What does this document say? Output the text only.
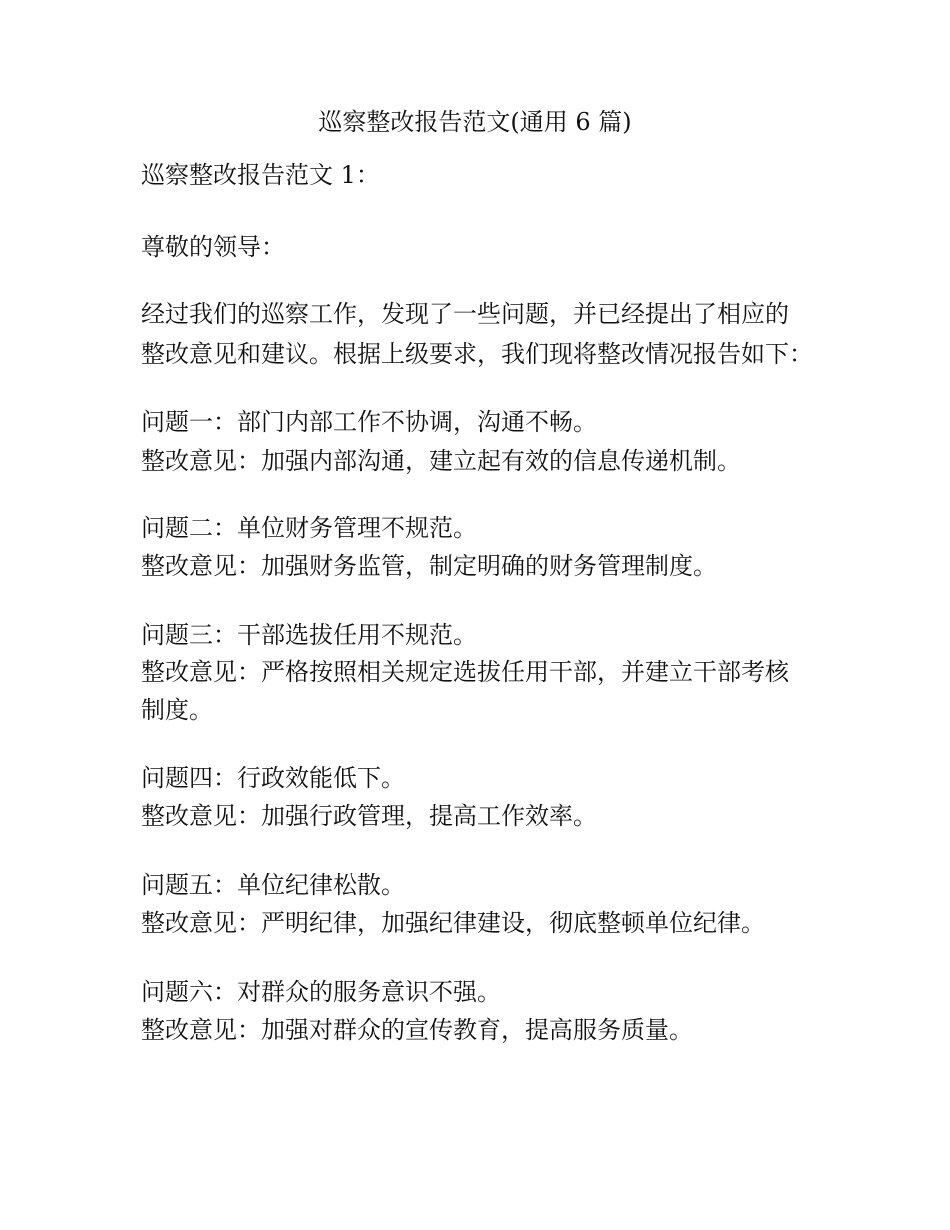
巡察整改报告范文(通用 6 篇)
巡察整改报告范文 1：
尊敬的领导：
经过我们的巡察工作，发现了一些问题，并已经提出了相应的
整改意见和建议。根据上级要求，我们现将整改情况报告如下：
问题一：部门内部工作不协调，沟通不畅。
整改意见：加强内部沟通，建立起有效的信息传递机制。
问题二：单位财务管理不规范。
整改意见：加强财务监管，制定明确的财务管理制度。
问题三：干部选拔任用不规范。
整改意见：严格按照相关规定选拔任用干部，并建立干部考核
制度。
问题四：行政效能低下。
整改意见：加强行政管理，提高工作效率。
问题五：单位纪律松散。
整改意见：严明纪律，加强纪律建设，彻底整顿单位纪律。
问题六：对群众的服务意识不强。
整改意见：加强对群众的宣传教育，提高服务质量。
